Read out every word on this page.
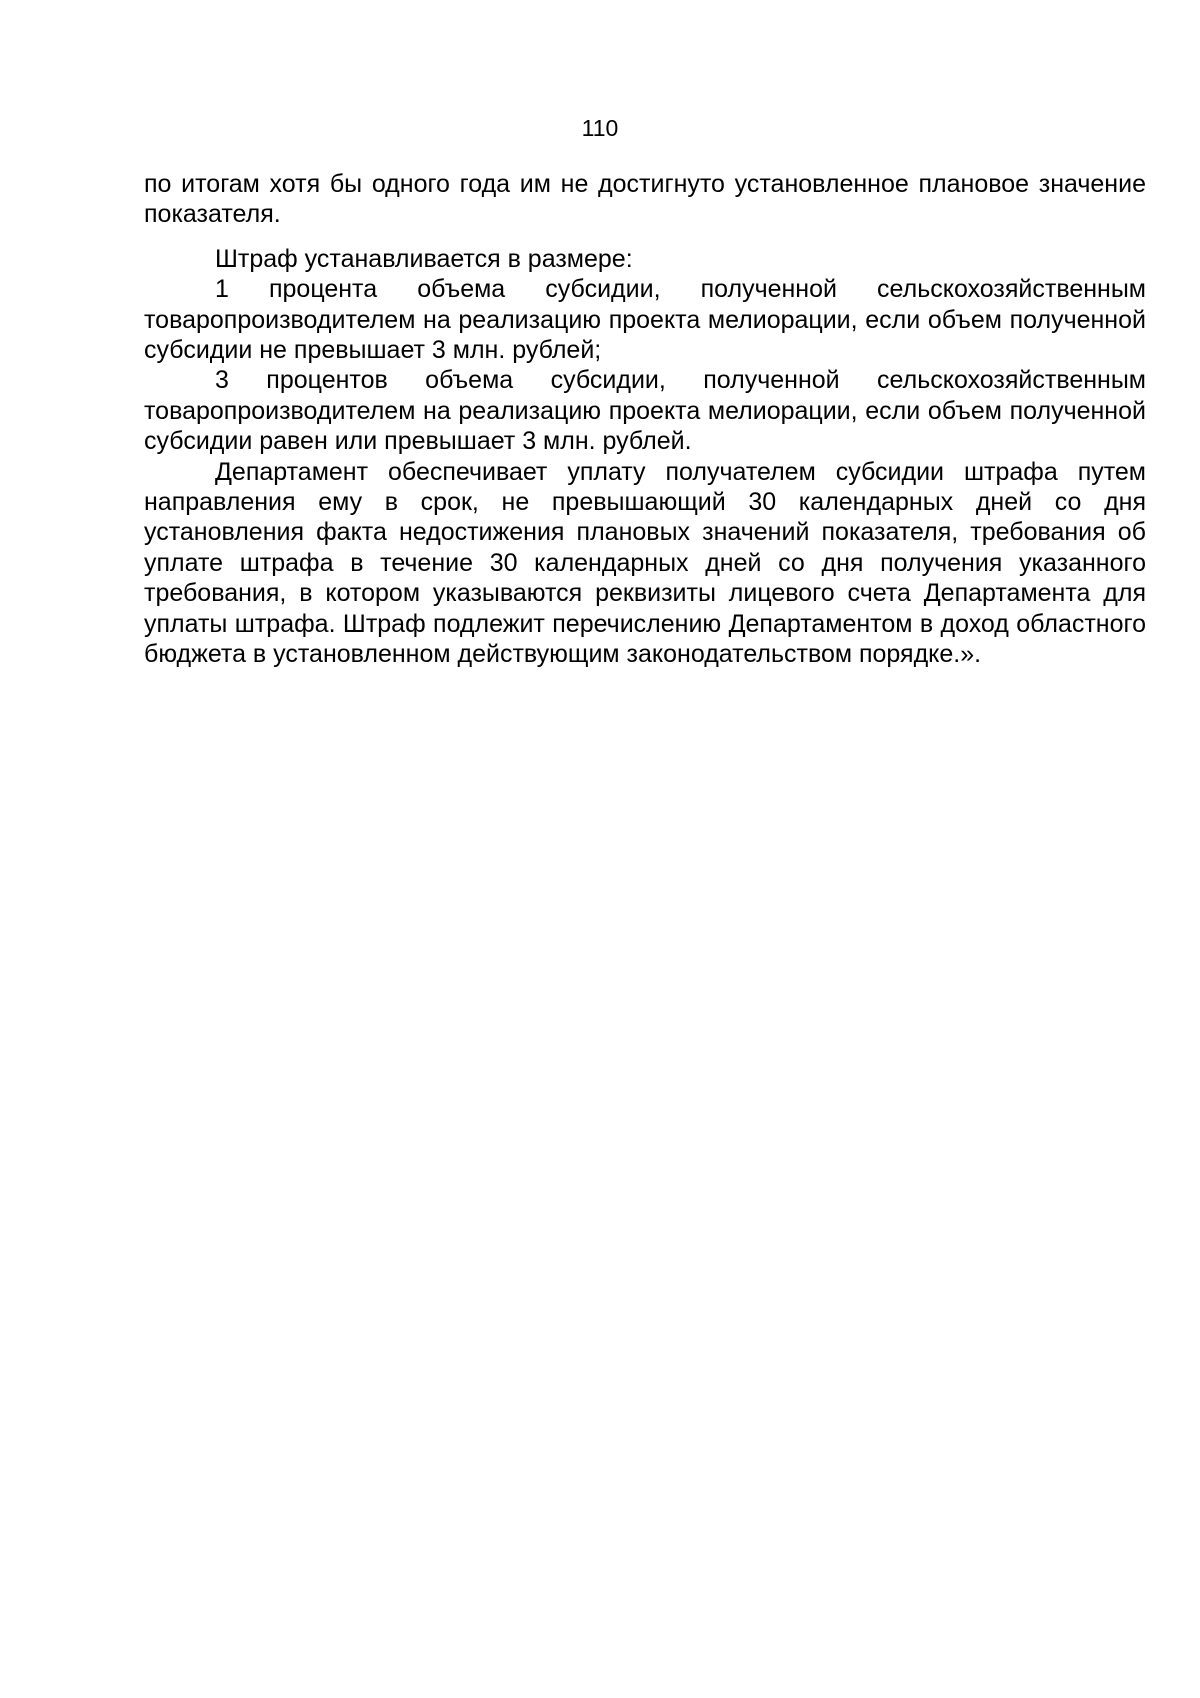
110

по итогам хотя бы одного года им не достигнуто установленное плановое значение показателя.

Штраф устанавливается в размере:

1 процента объема субсидии, полученной сельскохозяйственным товаропроизводителем на реализацию проекта мелиорации, если объем полученной субсидии не превышает 3 млн. рублей;

3 процентов объема субсидии, полученной сельскохозяйственным товаропроизводителем на реализацию проекта мелиорации, если объем полученной субсидии равен или превышает 3 млн. рублей.

Департамент обеспечивает уплату получателем субсидии штрафа путем направления ему в срок, не превышающий 30 календарных дней со дня установления факта недостижения плановых значений показателя, требования об уплате штрафа в течение 30 календарных дней со дня получения указанного требования, в котором указываются реквизиты лицевого счета Департамента для уплаты штрафа. Штраф подлежит перечислению Департаментом в доход областного бюджета в установленном действующим законодательством порядке.».
